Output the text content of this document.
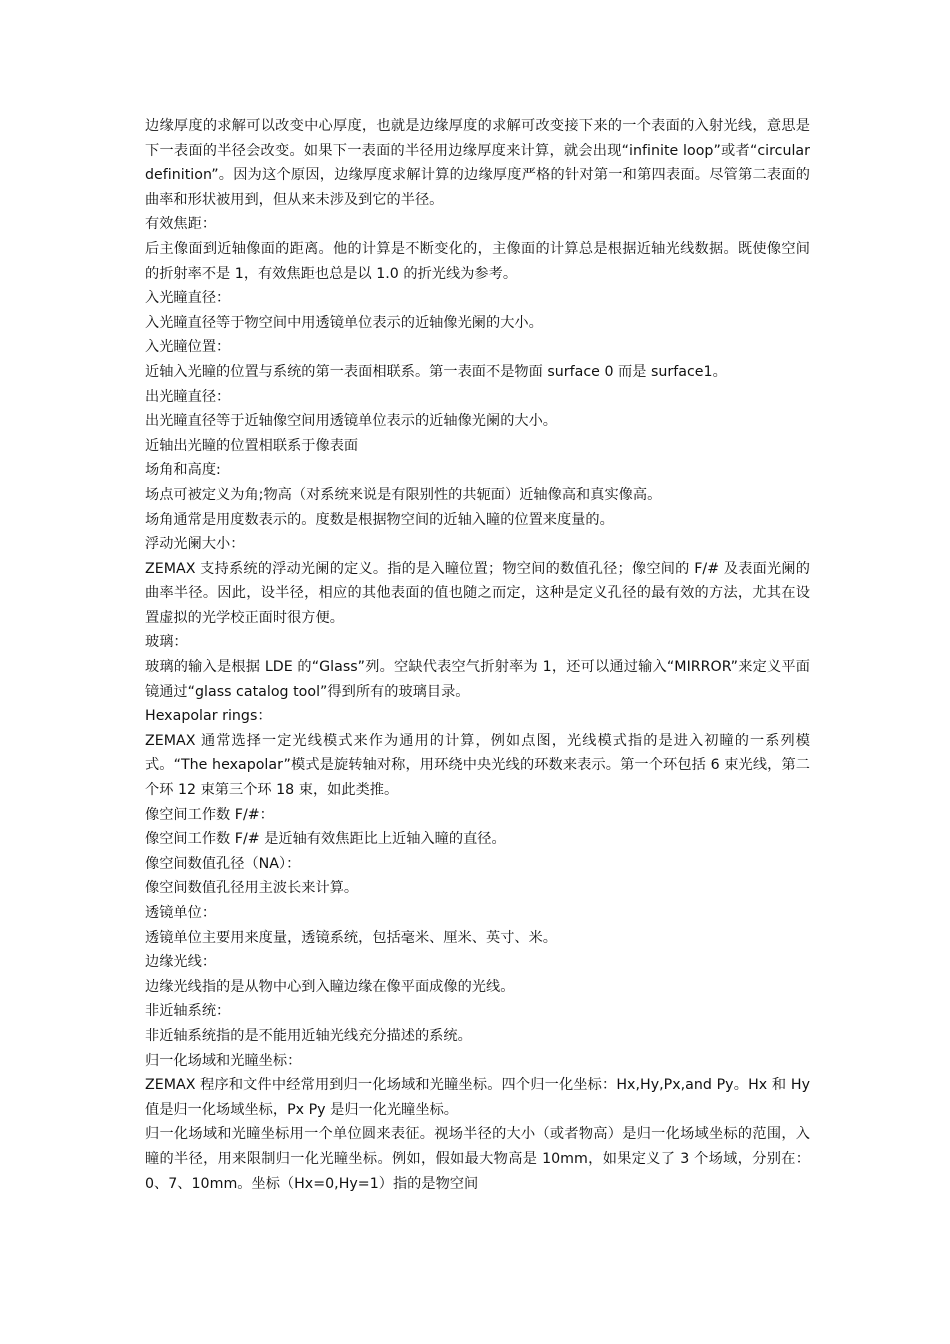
边缘厚度的求解可以改变中心厚度，也就是边缘厚度的求解可改变接下来的一个表面的入射光线，意思是下一表面的半径会改变。如果下一表面的半径用边缘厚度来计算，就会出现“infinite loop”或者“circular definition”。因为这个原因，边缘厚度求解计算的边缘厚度严格的针对第一和第四表面。尽管第二表面的曲率和形状被用到，但从来未涉及到它的半径。

有效焦距：

后主像面到近轴像面的距离。他的计算是不断变化的，主像面的计算总是根据近轴光线数据。既使像空间的折射率不是 1，有效焦距也总是以 1.0 的折光线为参考。

入光瞳直径：

入光瞳直径等于物空间中用透镜单位表示的近轴像光阑的大小。

入光瞳位置：

近轴入光瞳的位置与系统的第一表面相联系。第一表面不是物面 surface 0 而是 surface1。

出光瞳直径：

出光瞳直径等于近轴像空间用透镜单位表示的近轴像光阑的大小。

近轴出光瞳的位置相联系于像表面

场角和高度:

场点可被定义为角;物高（对系统来说是有限别性的共轭面）近轴像高和真实像高。

场角通常是用度数表示的。度数是根据物空间的近轴入瞳的位置来度量的。

浮动光阑大小：

ZEMAX 支持系统的浮动光阑的定义。指的是入瞳位置；物空间的数值孔径；像空间的 F/# 及表面光阑的曲率半径。因此，设半径，相应的其他表面的值也随之而定，这种是定义孔径的最有效的方法，尤其在设置虚拟的光学校正面时很方便。

玻璃：

玻璃的输入是根据 LDE 的“Glass”列。空缺代表空气折射率为 1，还可以通过输入“MIRROR”来定义平面镜通过“glass catalog tool”得到所有的玻璃目录。

Hexapolar rings：

ZEMAX 通常选择一定光线模式来作为通用的计算，例如点图，光线模式指的是进入初瞳的一系列模式。“The hexapolar”模式是旋转轴对称，用环绕中央光线的环数来表示。第一个环包括 6 束光线，第二个环 12 束第三个环 18 束，如此类推。

像空间工作数 F/#：

像空间工作数 F/# 是近轴有效焦距比上近轴入瞳的直径。

像空间数值孔径（NA）：

像空间数值孔径用主波长来计算。

透镜单位：

透镜单位主要用来度量，透镜系统，包括毫米、厘米、英寸、米。

边缘光线：

边缘光线指的是从物中心到入瞳边缘在像平面成像的光线。

非近轴系统：

非近轴系统指的是不能用近轴光线充分描述的系统。

归一化场域和光瞳坐标：

ZEMAX 程序和文件中经常用到归一化场域和光瞳坐标。四个归一化坐标：Hx,Hy,Px,and Py。Hx 和 Hy 值是归一化场域坐标，Px Py 是归一化光瞳坐标。

归一化场域和光瞳坐标用一个单位圆来表征。视场半径的大小（或者物高）是归一化场域坐标的范围，入瞳的半径，用来限制归一化光瞳坐标。例如，假如最大物高是 10mm，如果定义了 3 个场域，分别在：0、7、10mm。坐标（Hx=0,Hy=1）指的是物空间
